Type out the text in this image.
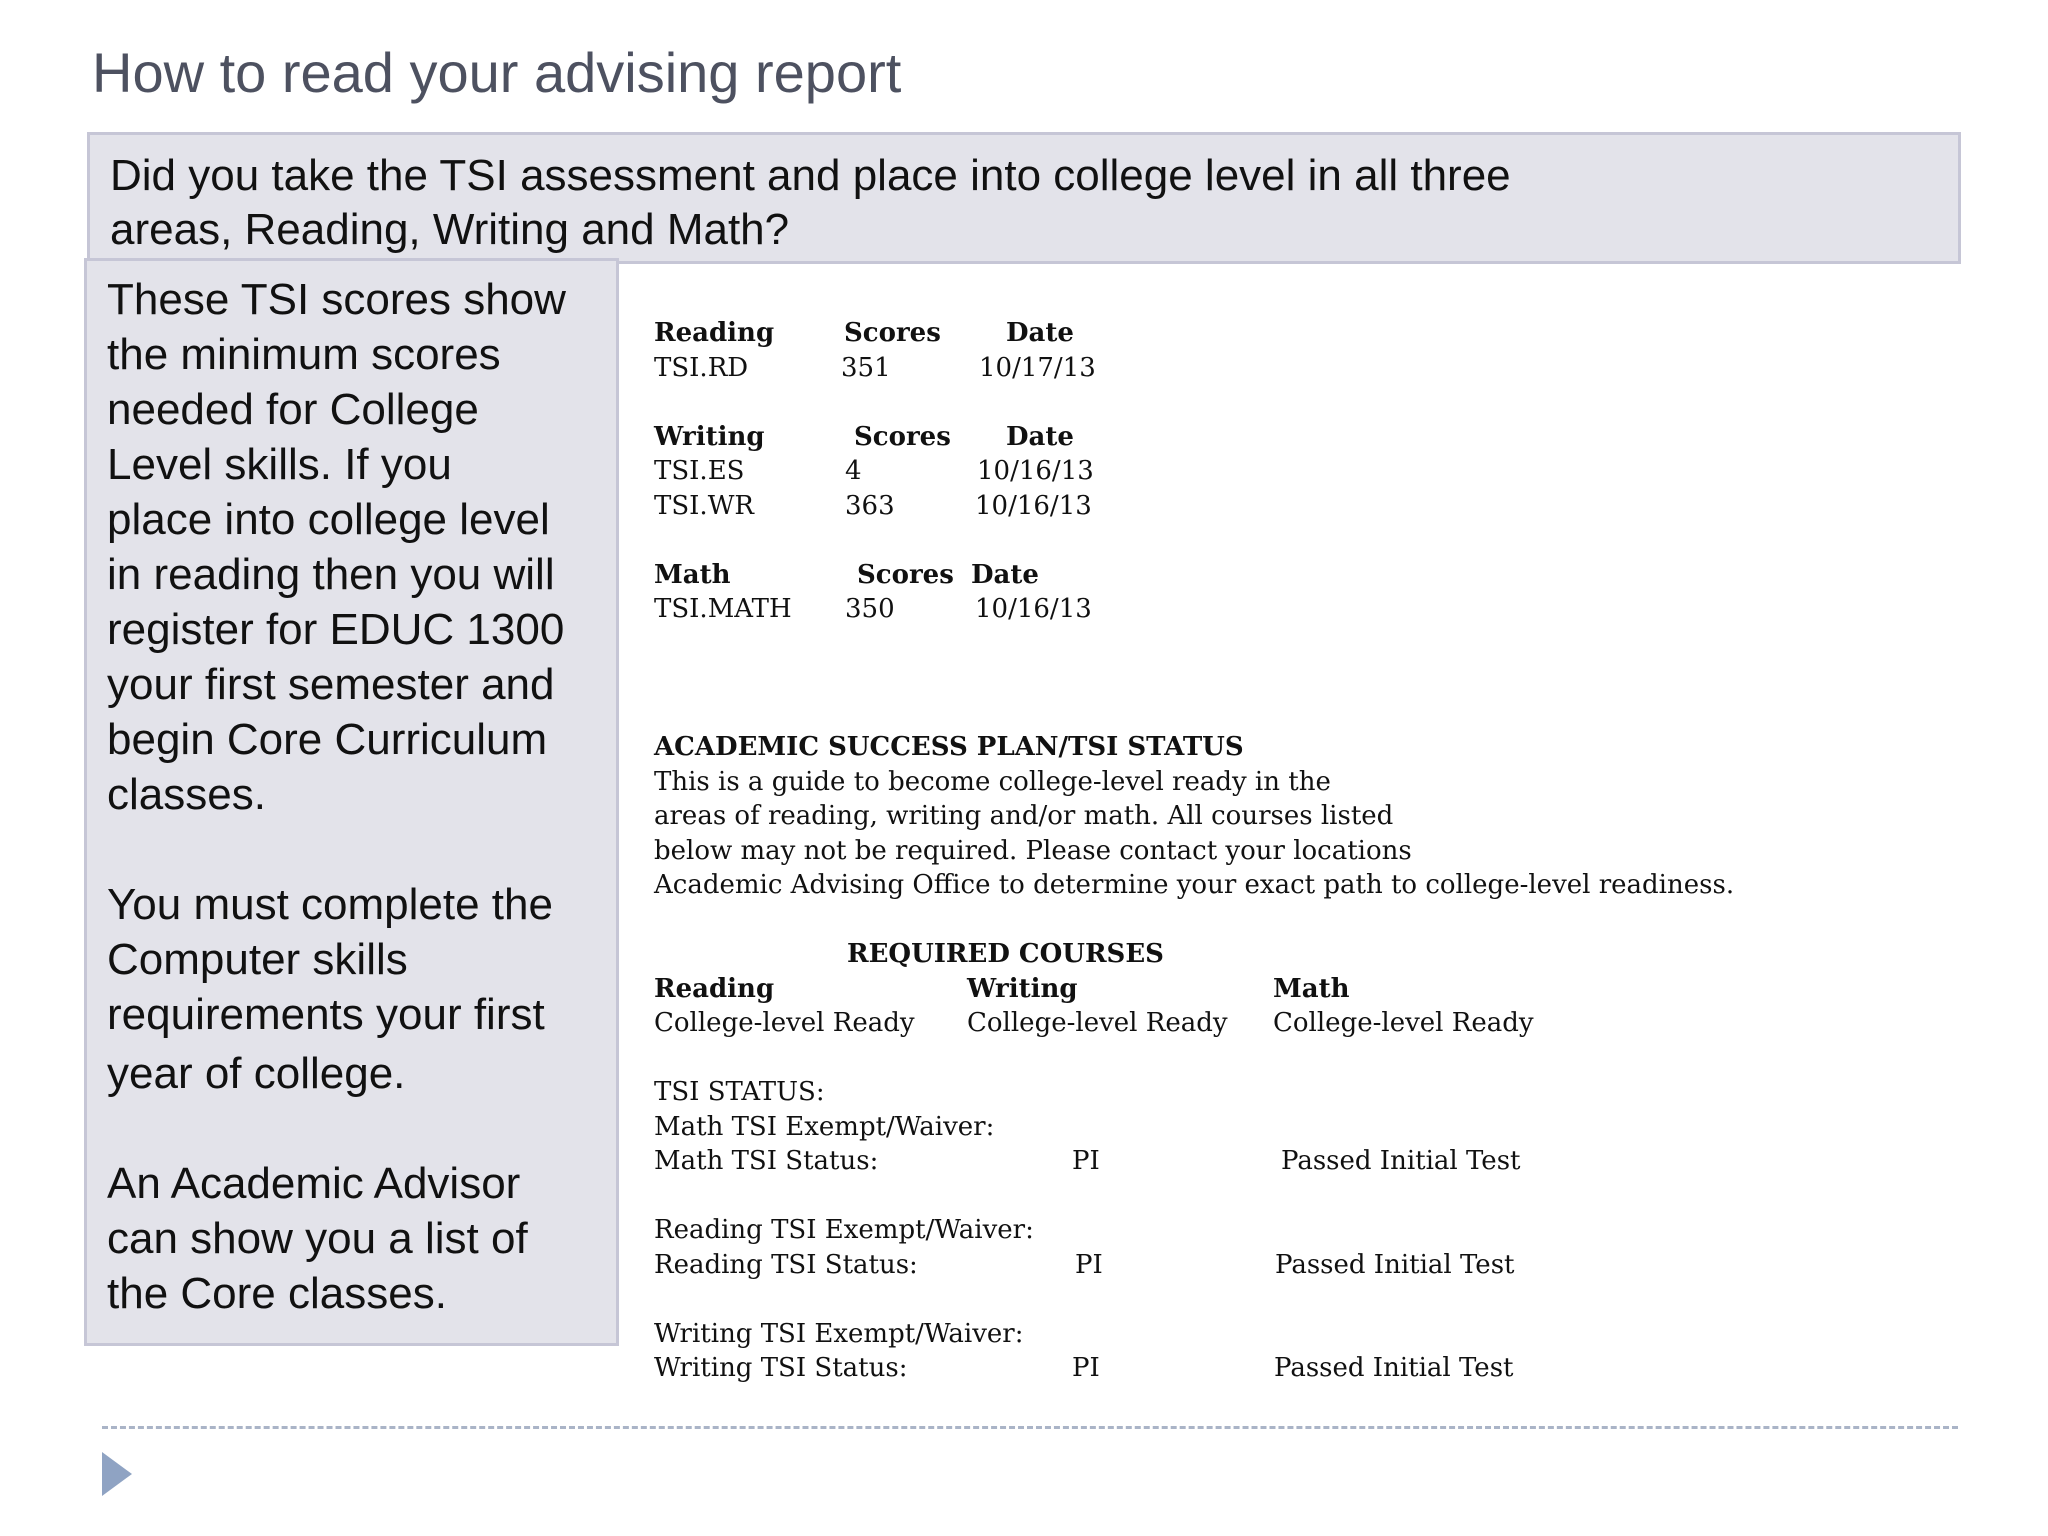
How to read your advising report
Did you take the TSI assessment and place into college level in all three
areas, Reading, Writing and Math?
These TSI scores show
the minimum scores
needed for College
Level skills. If you
place into college level
in reading then you will
register for EDUC 1300
your first semester and
begin Core Curriculum
classes.
You must complete the
Computer skills
requirements your first
year of college.
An Academic Advisor
can show you a list of
the Core classes.
Reading	Scores	Date
TSI.RD	351	10/17/13
Writing	Scores Date
TSI.ES	4	10/16/13
TSI.WR	363	10/16/13
Math	Scores Date
TSI.MATH 350	10/16/13
ACADEMIC SUCCESS PLAN/TSI STATUS
This is a guide to become college-level ready in the
areas of reading, writing and/or math. All courses listed
below may not be required. Please contact your locations
Academic Advising Office to determine your exact path to college-level readiness.
REQUIRED COURSES
Reading	Writing	Math
College-level Ready College-level Ready College-level Ready
TSI STATUS:
Math TSI Exempt/Waiver:
Math TSI Status:	PI	Passed Initial Test
Reading TSI Exempt/Waiver:
Reading TSI Status:	PI	Passed Initial Test
Writing TSI Exempt/Waiver:
Writing TSI Status:	PI	Passed Initial Test
